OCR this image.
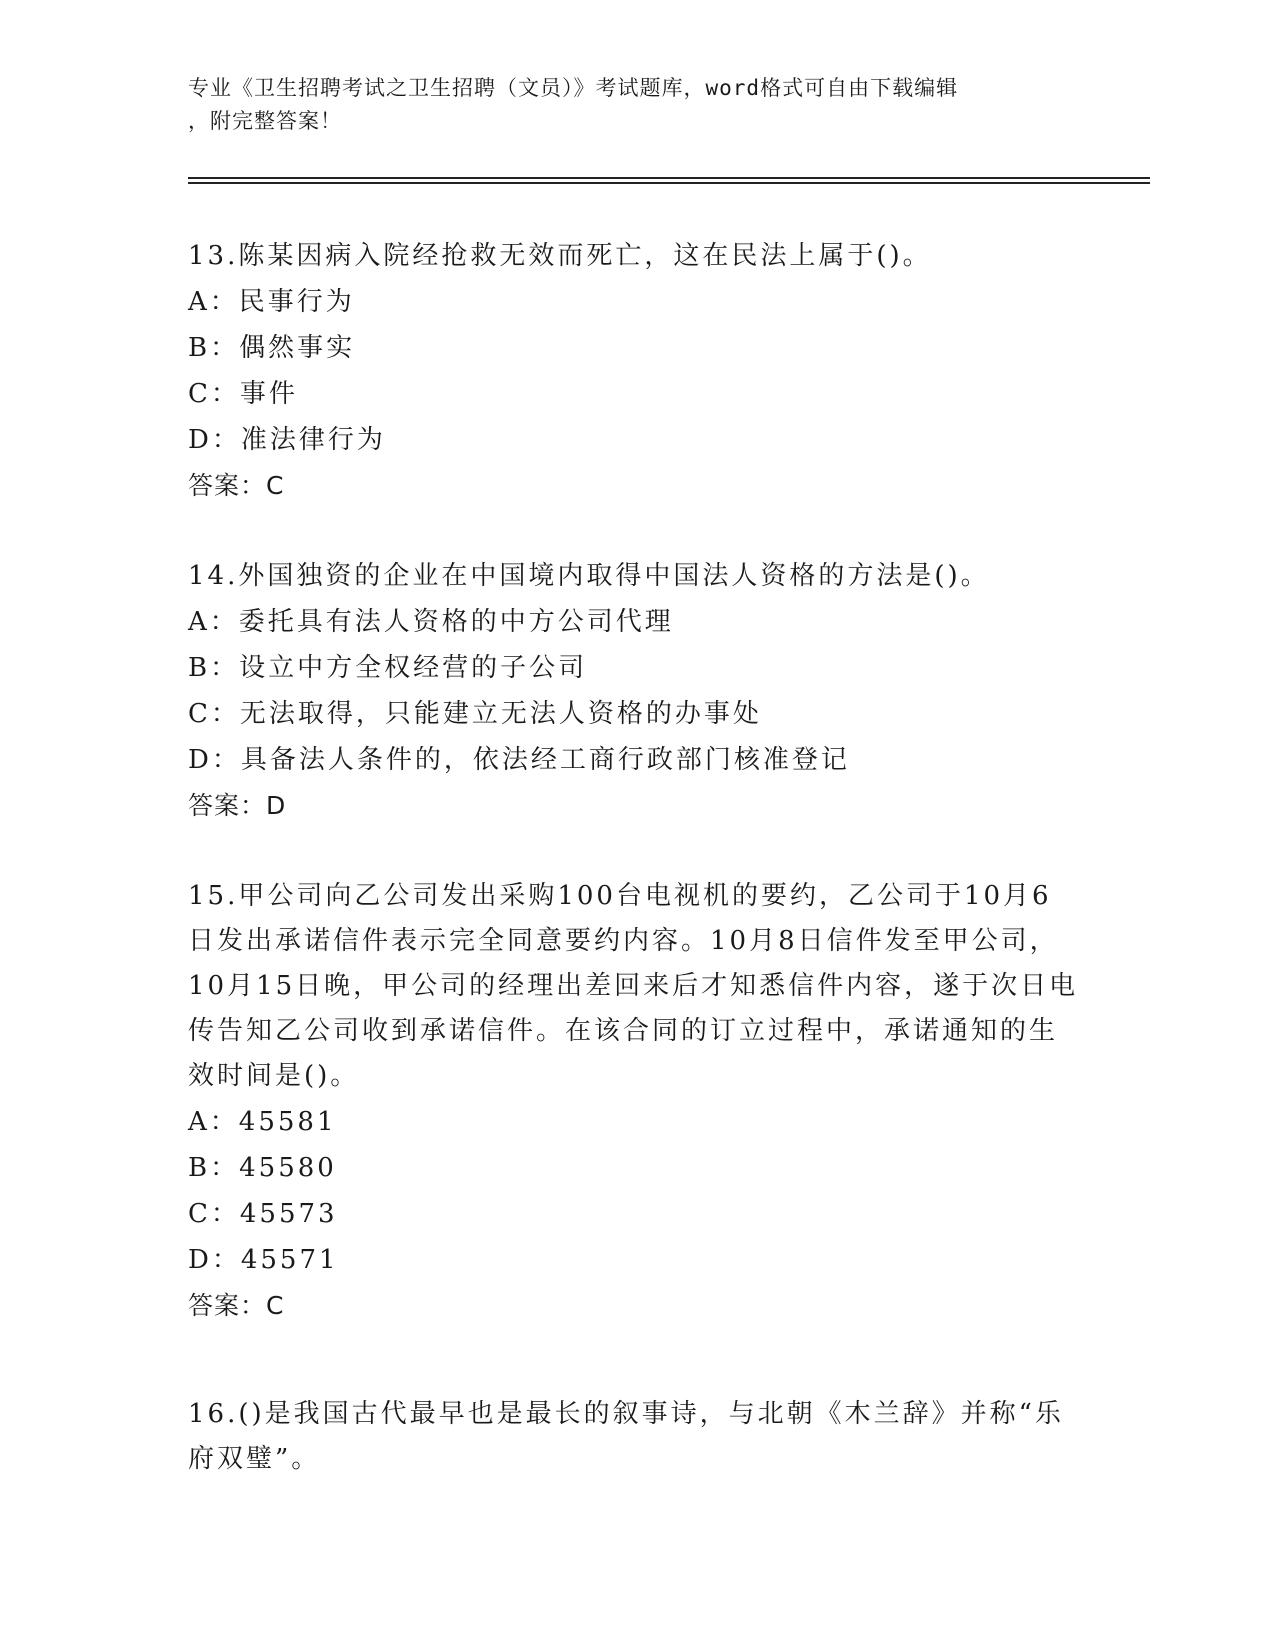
专业《卫生招聘考试之卫生招聘（文员）》考试题库，word格式可自由下载编辑
，附完整答案！
13.陈某因病入院经抢救无效而死亡，这在民法上属于()。
A：民事行为
B：偶然事实
C：事件
D：准法律行为
答案：C
14.外国独资的企业在中国境内取得中国法人资格的方法是()。
A：委托具有法人资格的中方公司代理
B：设立中方全权经营的子公司
C：无法取得，只能建立无法人资格的办事处
D：具备法人条件的，依法经工商行政部门核准登记
答案：D
15.甲公司向乙公司发出采购100台电视机的要约，乙公司于10月6
日发出承诺信件表示完全同意要约内容。10月8日信件发至甲公司，
10月15日晚，甲公司的经理出差回来后才知悉信件内容，遂于次日电
传告知乙公司收到承诺信件。在该合同的订立过程中，承诺通知的生
效时间是()。
A：45581
B：45580
C：45573
D：45571
答案：C
16.()是我国古代最早也是最长的叙事诗，与北朝《木兰辞》并称“乐
府双璧”。
